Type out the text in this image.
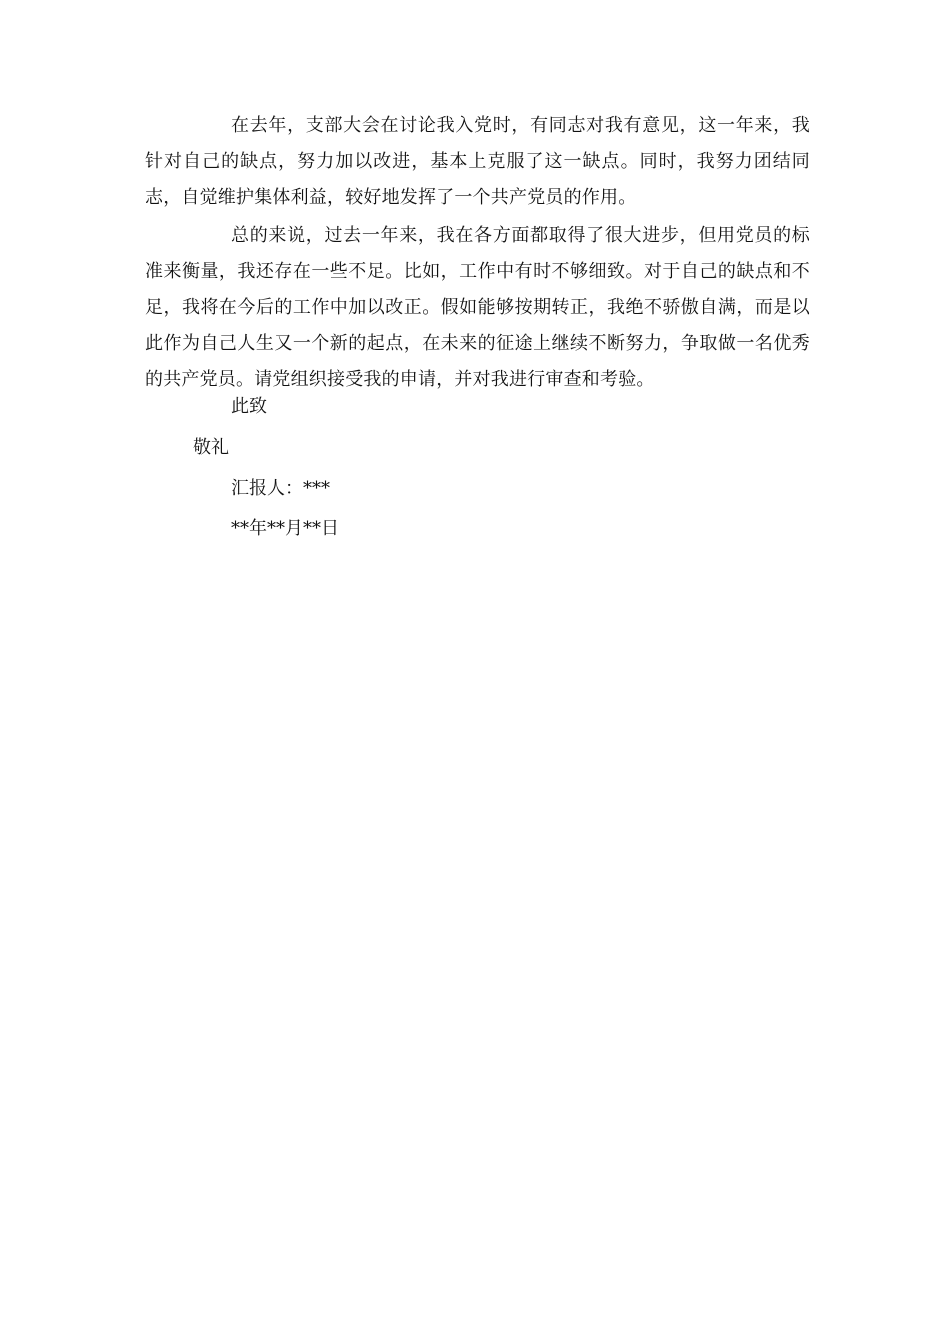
在去年，支部大会在讨论我入党时，有同志对我有意见，这一年来，我针对自己的缺点，努力加以改进，基本上克服了这一缺点。同时，我努力团结同志，自觉维护集体利益，较好地发挥了一个共产党员的作用。

总的来说，过去一年来，我在各方面都取得了很大进步，但用党员的标准来衡量，我还存在一些不足。比如，工作中有时不够细致。对于自己的缺点和不足，我将在今后的工作中加以改正。假如能够按期转正，我绝不骄傲自满，而是以此作为自己人生又一个新的起点，在未来的征途上继续不断努力，争取做一名优秀的共产党员。请党组织接受我的申请，并对我进行审查和考验。

此致

敬礼

汇报人：***

**年**月**日
